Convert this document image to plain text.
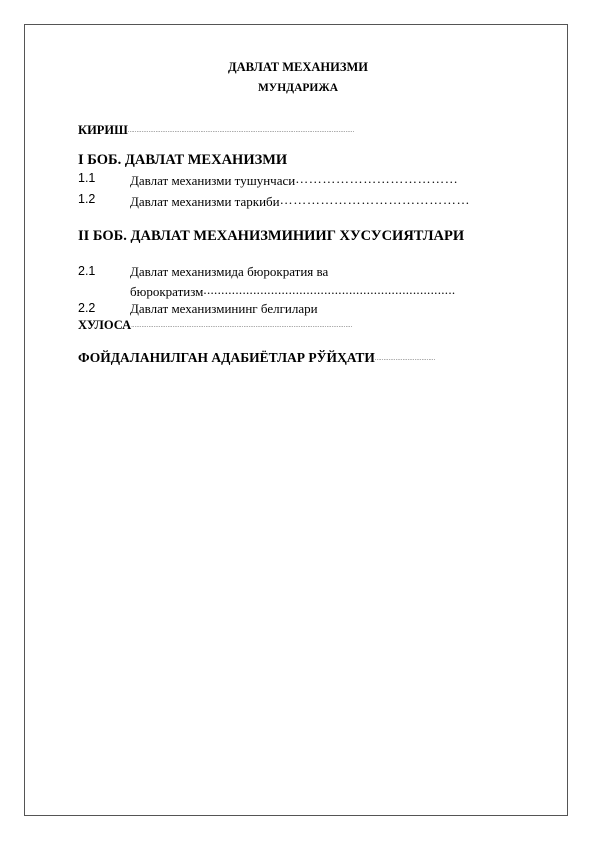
ДАВЛАТ МЕХАНИЗМИ
МУНДАРИЖА
КИРИШ...................................................................................................................................
I БОБ. ДАВЛАТ МЕХАНИЗМИ
1.1	Давлат механизми тушунчаси………………………………
1.2	Давлат механизми таркиби……………………………………
II БОБ. ДАВЛАТ МЕХАНИЗМИНИИГ ХУСУСИЯТЛАРИ
2.1	Давлат механизмида бюрократия ва
бюрократизм.......................................................................
2.2	Давлат механизмининг белгилари
ХУЛОСА................................................................................................................................
ФОЙДАЛАНИЛГАН АДАБИЁТЛАР РЎЙҲАТИ...................................
